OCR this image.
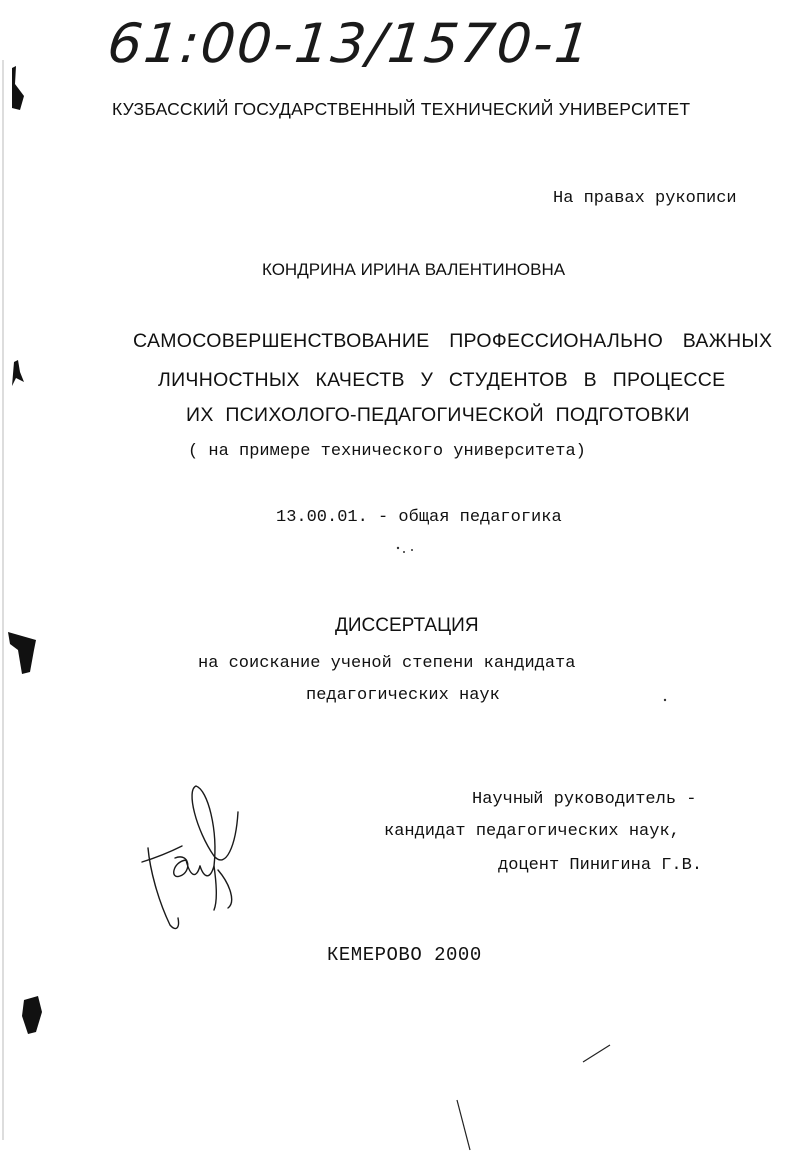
61:00-13/1570-1
КУЗБАССКИЙ ГОСУДАРСТВЕННЫЙ ТЕХНИЧЕСКИЙ УНИВЕРСИТЕТ
На правах рукописи
КОНДРИНА ИРИНА ВАЛЕНТИНОВНА
САМОСОВЕРШЕНСТВОВАНИЕ ПРОФЕССИОНАЛЬНО ВАЖНЫХ
ЛИЧНОСТНЫХ КАЧЕСТВ У СТУДЕНТОВ В ПРОЦЕССЕ
ИХ ПСИХОЛОГО-ПЕДАГОГИЧЕСКОЙ ПОДГОТОВКИ
( на примере технического университета)
13.00.01. - общая педагогика
ДИССЕРТАЦИЯ
на соискание ученой степени кандидата
педагогических наук
Научный руководитель -
кандидат педагогических наук,
доцент Пинигина Г.В.
КЕМЕРОВО 2000
